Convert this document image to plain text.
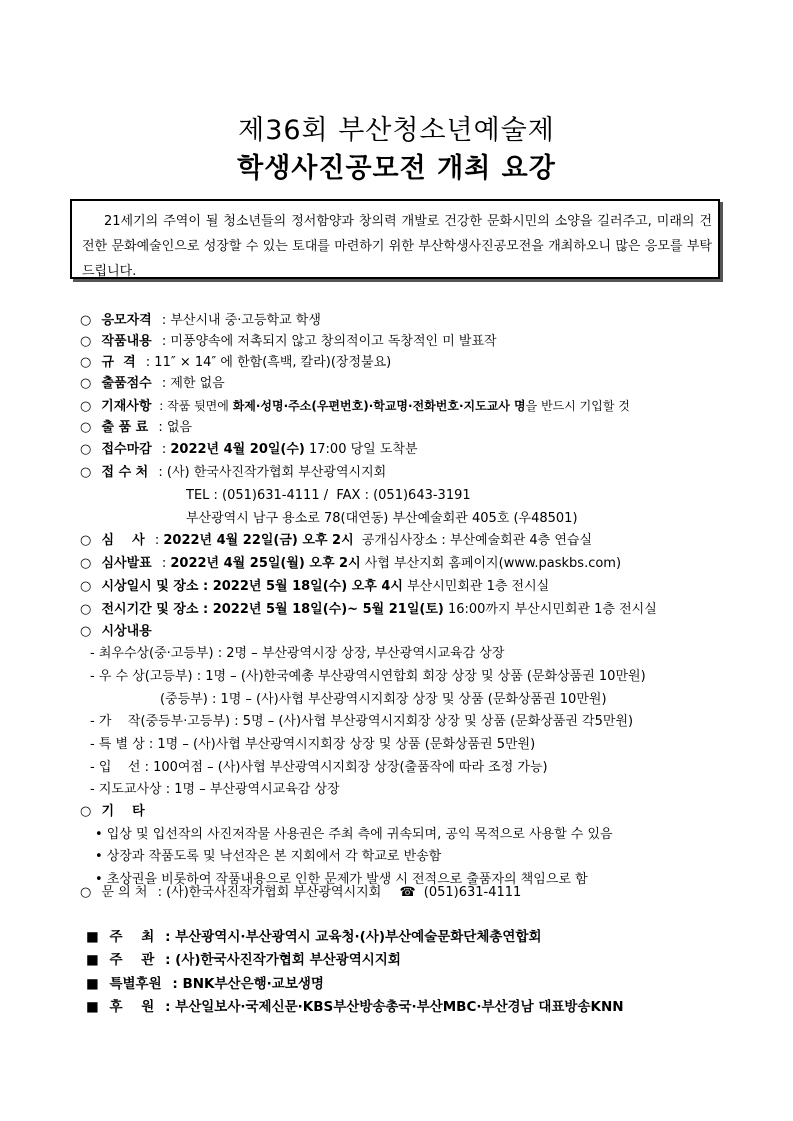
제36회 부산청소년예술제
학생사진공모전 개최 요강
21세기의 주역이 될 청소년들의 정서함양과 창의력 개발로 건강한 문화시민의 소양을 길러주고, 미래의 건전한 문화예술인으로 성장할 수 있는 토대를 마련하기 위한 부산학생사진공모전을 개최하오니 많은 응모를 부탁드립니다.
○ 응모자격 : 부산시내 중·고등학교 학생
○ 작품내용 : 미풍양속에 저촉되지 않고 창의적이고 독창적인 미 발표작
○ 규  격 : 11″ × 14″ 에 한함(흑백, 칼라)(장정불요)
○ 출품점수 : 제한 없음
○ 기재사항 : 작품 뒷면에 화제·성명·주소(우편번호)·학교명·전화번호·지도교사 명을 반드시 기입할 것
○ 출 품 료 : 없음
○ 접수마감 : 2022년 4월 20일(수) 17:00 당일 도착분
○ 접 수 처 : (사) 한국사진작가협회 부산광역시지회
TEL : (051)631-4111 /  FAX : (051)643-3191
부산광역시 남구 용소로 78(대연동) 부산예술회관 405호 (우48501)
○ 심    사 : 2022년 4월 22일(금) 오후 2시  공개심사장소 : 부산예술회관 4층 연습실
○ 심사발표 : 2022년 4월 25일(월) 오후 2시 사협 부산지회 홈페이지(www.paskbs.com)
○ 시상일시 및 장소 : 2022년 5월 18일(수) 오후 4시 부산시민회관 1층 전시실
○ 전시기간 및 장소 : 2022년 5월 18일(수)~ 5월 21일(토) 16:00까지 부산시민회관 1층 전시실
○ 시상내용
- 최우수상(중·고등부) : 2명 – 부산광역시장 상장, 부산광역시교육감 상장
- 우 수 상(고등부) : 1명 – (사)한국예총 부산광역시연합회 회장 상장 및 상품 (문화상품권 10만원)
(중등부) : 1명 – (사)사협 부산광역시지회장 상장 및 상품 (문화상품권 10만원)
- 가    작(중등부·고등부) : 5명 – (사)사협 부산광역시지회장 상장 및 상품 (문화상품권 각5만원)
- 특 별 상 : 1명 – (사)사협 부산광역시지회장 상장 및 상품 (문화상품권 5만원)
- 입    선 : 100여점 – (사)사협 부산광역시지회장 상장(출품작에 따라 조정 가능)
- 지도교사상 : 1명 – 부산광역시교육감 상장
○ 기    타
• 입상 및 입선작의 사진저작물 사용권은 주최 측에 귀속되며, 공익 목적으로 사용할 수 있음
• 상장과 작품도록 및 낙선작은 본 지회에서 각 학교로 반송함
• 초상권을 비롯하여 작품내용으로 인한 문제가 발생 시 전적으로 출품자의 책임으로 함
○ 문 의 처 : (사)한국사진작가협회 부산광역시지회 ☎ (051)631-4111
■ 주    최 : 부산광역시·부산광역시 교육청·(사)부산예술문화단체총연합회
■ 주    관 : (사)한국사진작가협회 부산광역시지회
■ 특별후원 : BNK부산은행·교보생명
■ 후    원 : 부산일보사·국제신문·KBS부산방송총국·부산MBC·부산경남 대표방송KNN
